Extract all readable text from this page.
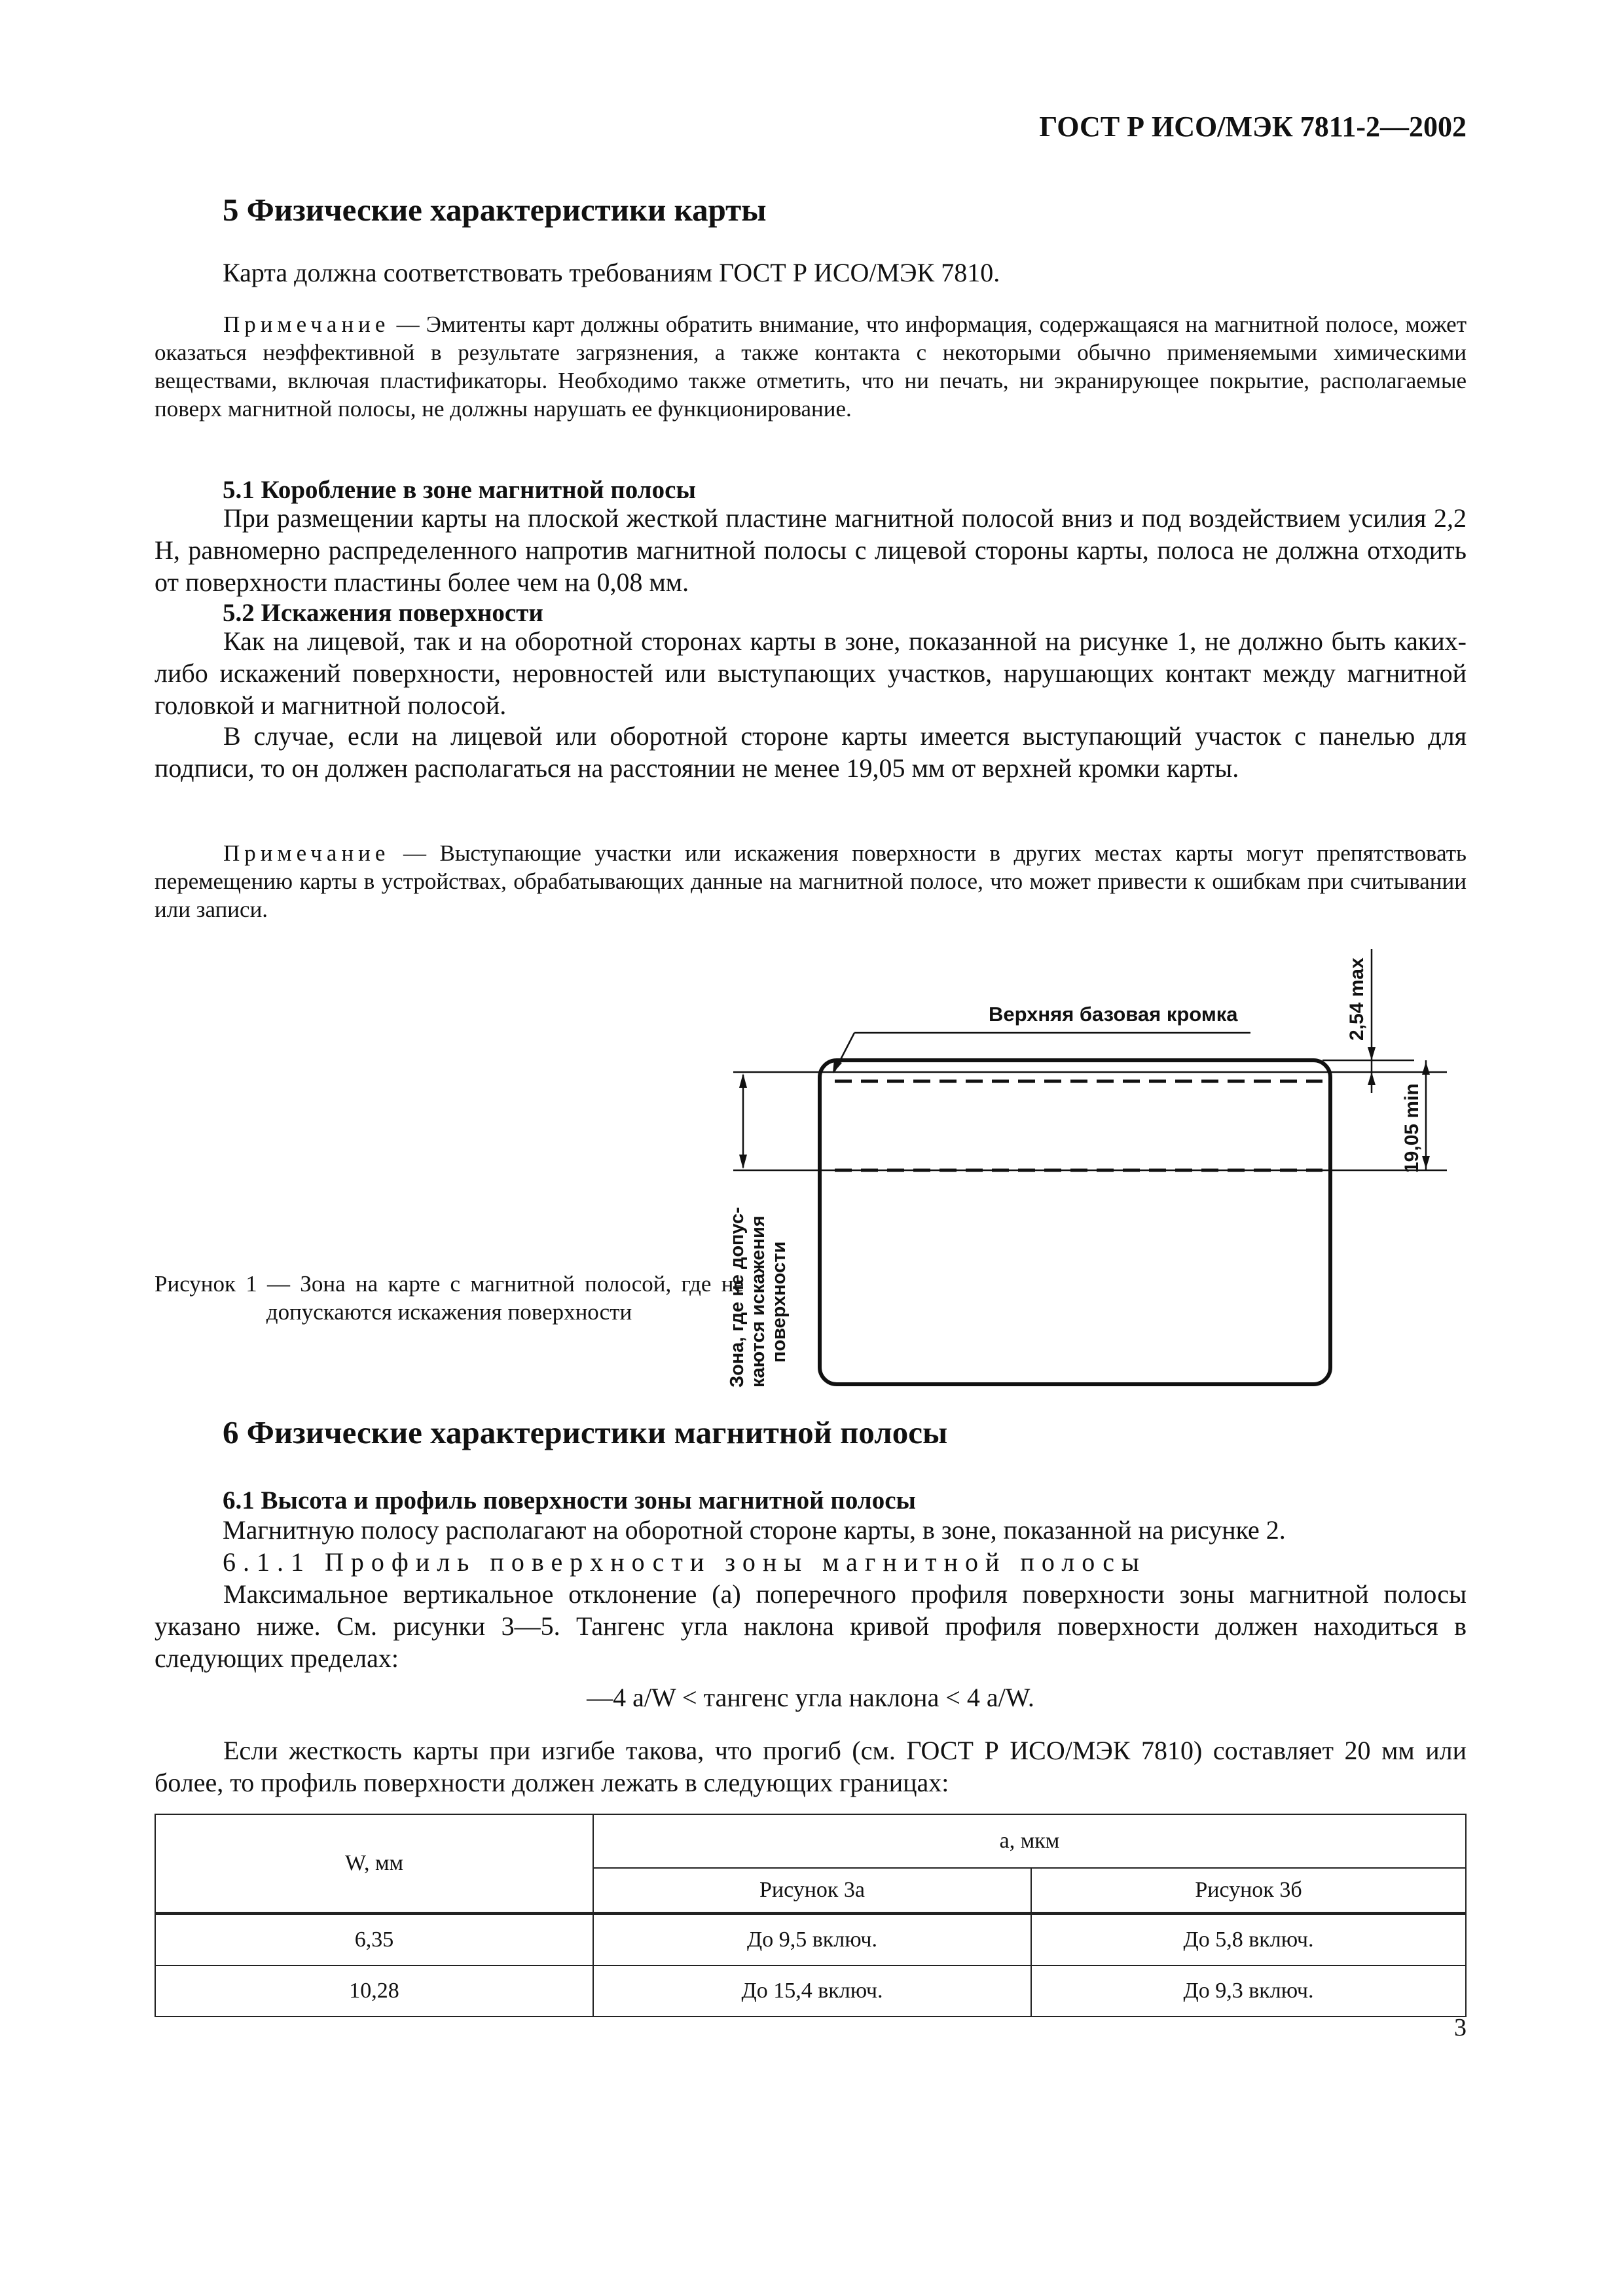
ГОСТ Р ИСО/МЭК 7811-2—2002
5 Физические характеристики карты
Карта должна соответствовать требованиям ГОСТ Р ИСО/МЭК 7810.
Примечание — Эмитенты карт должны обратить внимание, что информация, содержащаяся на магнитной полосе, может оказаться неэффективной в результате загрязнения, а также контакта с некоторыми обычно применяемыми химическими веществами, включая пластификаторы. Необходимо также отметить, что ни печать, ни экранирующее покрытие, располагаемые поверх магнитной полосы, не должны нарушать ее функционирование.
5.1 Коробление в зоне магнитной полосы
При размещении карты на плоской жесткой пластине магнитной полосой вниз и под воздействием усилия 2,2 Н, равномерно распределенного напротив магнитной полосы с лицевой стороны карты, полоса не должна отходить от поверхности пластины более чем на 0,08 мм.
5.2 Искажения поверхности
Как на лицевой, так и на оборотной сторонах карты в зоне, показанной на рисунке 1, не должно быть каких-либо искажений поверхности, неровностей или выступающих участков, нарушающих контакт между магнитной головкой и магнитной полосой.
В случае, если на лицевой или оборотной стороне карты имеется выступающий участок с панелью для подписи, то он должен располагаться на расстоянии не менее 19,05 мм от верхней кромки карты.
Примечание — Выступающие участки или искажения поверхности в других местах карты могут препятствовать перемещению карты в устройствах, обрабатывающих данные на магнитной полосе, что может привести к ошибкам при считывании или записи.
Верхняя базовая кромка	2,54 max
19,05 min
Зона, где не допус- каются искажения поверхности
Рисунок 1 — Зона на карте с магнитной полосой, где не допускаются искажения поверхности
6 Физические характеристики магнитной полосы
6.1 Высота и профиль поверхности зоны магнитной полосы
Магнитную полосу располагают на оборотной стороне карты, в зоне, показанной на рисунке 2.
6.1.1 Профиль поверхности зоны магнитной полосы
Максимальное вертикальное отклонение (a) поперечного профиля поверхности зоны магнитной полосы указано ниже. См. рисунки 3—5. Тангенс угла наклона кривой профиля поверхности должен находиться в следующих пределах:
—4 a/W < тангенс угла наклона < 4 a/W.
Если жесткость карты при изгибе такова, что прогиб (см. ГОСТ Р ИСО/МЭК 7810) составляет 20 мм или более, то профиль поверхности должен лежать в следующих границах:
W, мм	a, мкм	
	Рисунок 3а	Рисунок 3б
6,35	До 9,5 включ.	До 5,8 включ.
10,28	До 15,4 включ.	До 9,3 включ.
3
